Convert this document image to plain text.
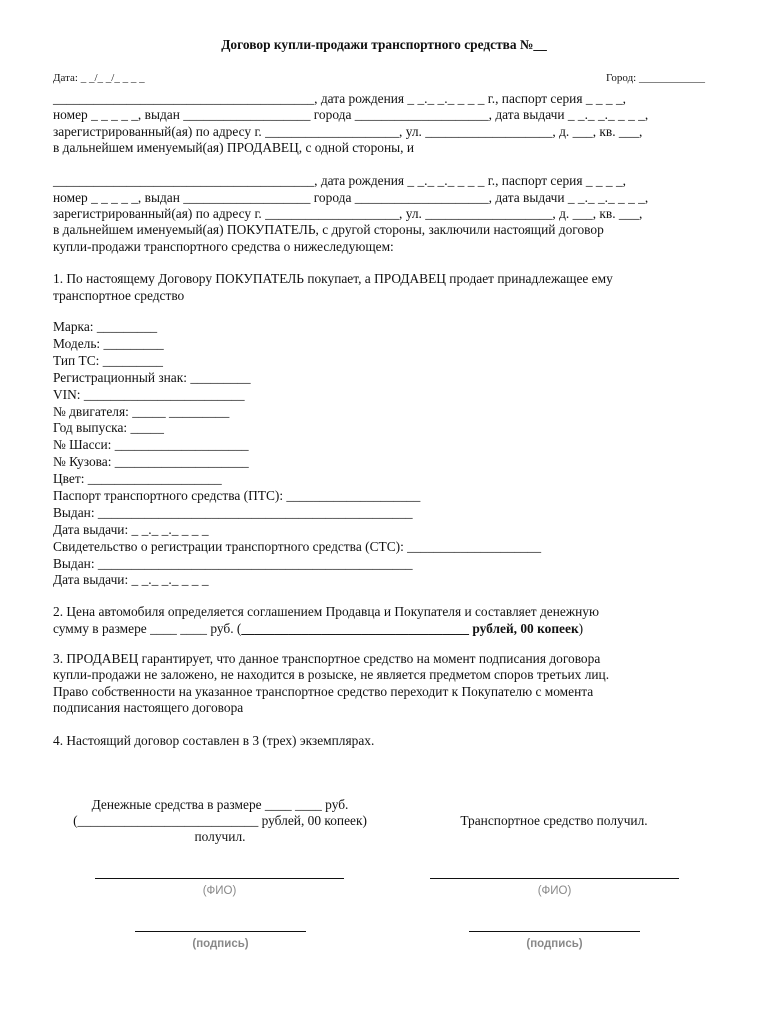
Договор купли-продажи транспортного средства №__
Дата: _ _/_ _/_ _ _ _	Город: ____________
_______________________________________, дата рождения _ _._ _._ _ _ _ г., паспорт серия _ _ _ _,
номер _ _ _ _ _, выдан ___________________ города ____________________, дата выдачи _ _._ _._ _ _ _,
зарегистрированный(ая) по адресу г. ____________________, ул. ___________________, д. ___, кв. ___,
в дальнейшем именуемый(ая) ПРОДАВЕЦ, с одной стороны, и
_______________________________________, дата рождения _ _._ _._ _ _ _ г., паспорт серия _ _ _ _,
номер _ _ _ _ _, выдан ___________________ города ____________________, дата выдачи _ _._ _._ _ _ _,
зарегистрированный(ая) по адресу г. ____________________, ул. ___________________, д. ___, кв. ___,
в дальнейшем именуемый(ая) ПОКУПАТЕЛЬ, с другой стороны, заключили настоящий договор
купли-продажи транспортного средства о нижеследующем:
1. По настоящему Договору ПОКУПАТЕЛЬ покупает, а ПРОДАВЕЦ продает принадлежащее ему
транспортное средство
Марка: _________
Модель: _________
Тип ТС: _________
Регистрационный знак: _________
VIN: ________________________
№ двигателя: _____ _________
Год выпуска: _____
№ Шасси: ____________________
№ Кузова: ____________________
Цвет: ____________________
Паспорт транспортного средства (ПТС): ____________________
Выдан: _______________________________________________
Дата выдачи: _ _._ _._ _ _ _
Свидетельство о регистрации транспортного средства (СТС): ____________________
Выдан: _______________________________________________
Дата выдачи: _ _._ _._ _ _ _
2. Цена автомобиля определяется соглашением Продавца и Покупателя и составляет денежную
сумму в размере ____ ____ руб. (__________________________________ рублей, 00 копеек)
3. ПРОДАВЕЦ гарантирует, что данное транспортное средство на момент подписания договора
купли-продажи не заложено, не находится в розыске, не является предметом споров третьих лиц.
Право собственности на указанное транспортное средство переходит к Покупателю с момента
подписания настоящего договора
4. Настоящий договор составлен в 3 (трех) экземплярах.
Денежные средства в размере ____ ____ руб.
(___________________________ рублей, 00 копеек)
получил.
Транспортное средство получил.
(ФИО)	(ФИО)
(подпись)	(подпись)
